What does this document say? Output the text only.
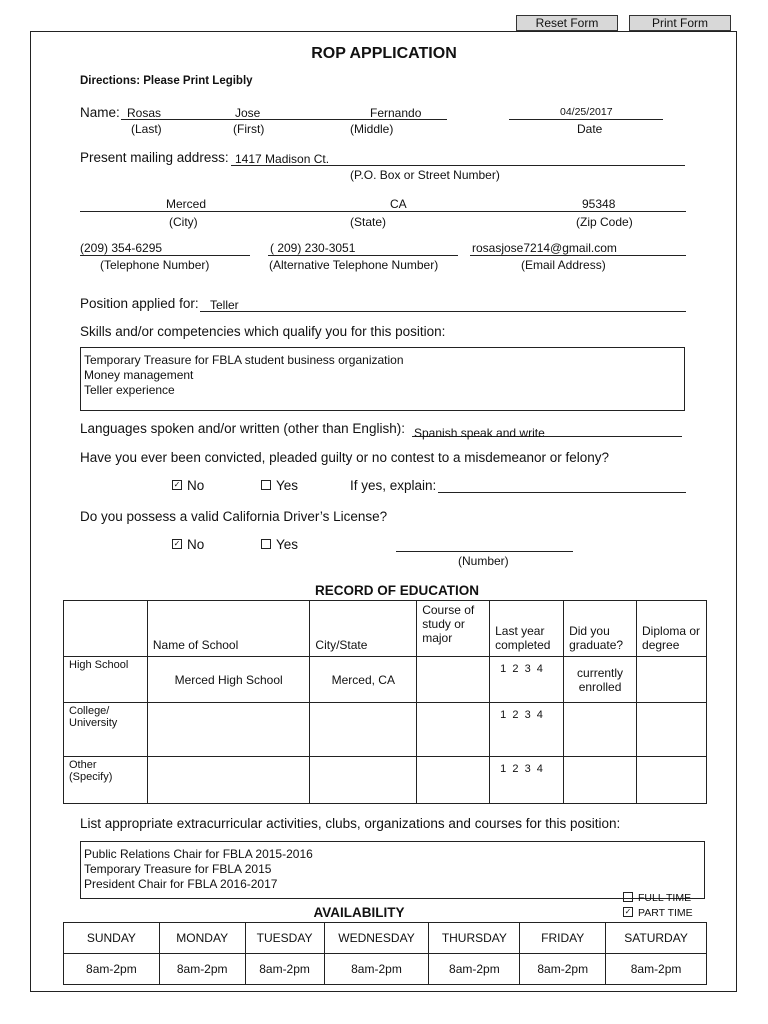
Reset Form	Print Form
ROP APPLICATION
Directions: Please Print Legibly
Name: Rosas	Jose	Fernando	04/25/2017
(Last)	(First)	(Middle)	Date
Present mailing address: 1417 Madison Ct.
(P.O. Box or Street Number)
Merced	CA	95348
(City)	(State)	(Zip Code)
(209) 354-6295	( 209) 230-3051	rosasjose7214@gmail.com
(Telephone Number)	(Alternative Telephone Number)	(Email Address)
Position applied for: Teller
Skills and/or competencies which qualify you for this position:
Temporary Treasure for FBLA student business organization
Money management
Teller experience
Languages spoken and/or written (other than English): Spanish speak and write
Have you ever been convicted, pleaded guilty or no contest to a misdemeanor or felony?
✓No	Yes	If yes, explain:
Do you possess a valid California Driver’s License?
✓No	Yes
(Number)
RECORD OF EDUCATION
	Name of School	City/State	Course of study or major	Last year completed	Did you graduate?	Diploma or degree
High School	Merced High School	Merced, CA		1  2  3  4	currently enrolled	
College/ University				1  2  3  4		
Other (Specify)				1  2  3  4		
List appropriate extracurricular activities, clubs, organizations and courses for this position:
Public Relations Chair for FBLA 2015-2016
Temporary Treasure for FBLA 2015
President Chair for FBLA 2016-2017
FULL TIME
✓PART TIME
AVAILABILITY
SUNDAY	MONDAY	TUESDAY	WEDNESDAY	THURSDAY	FRIDAY	SATURDAY
8am-2pm	8am-2pm	8am-2pm	8am-2pm	8am-2pm	8am-2pm	8am-2pm
